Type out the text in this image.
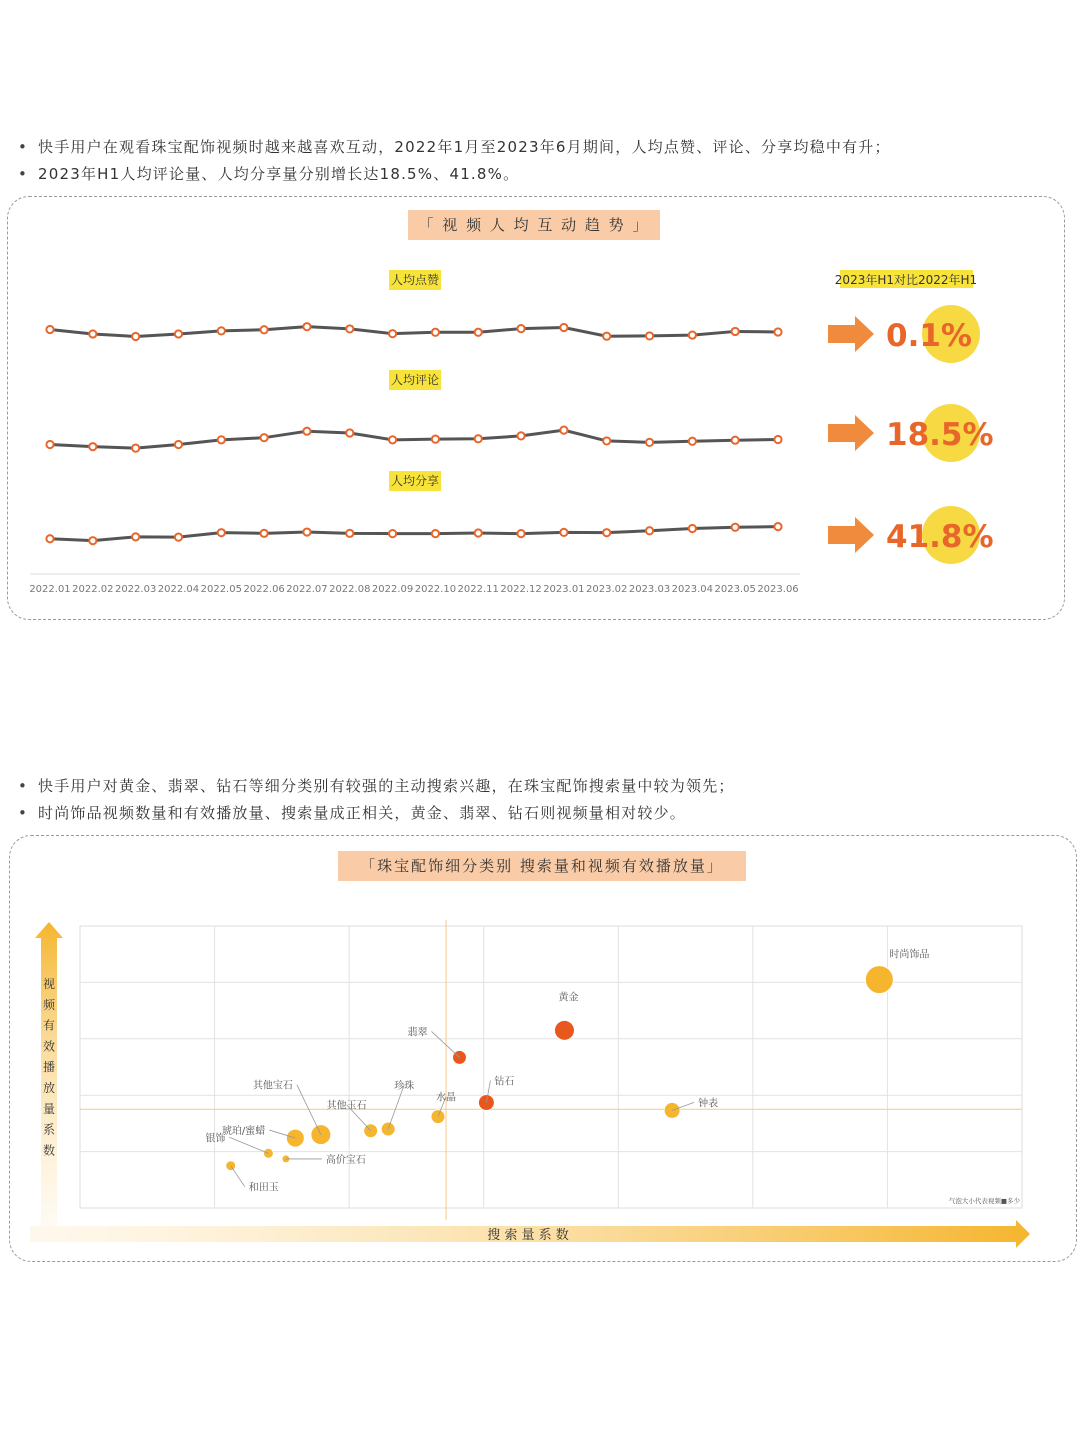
• 快手用户在观看珠宝配饰视频时越来越喜欢互动，2022年1月至2023年6月期间，人均点赞、评论、分享均稳中有升；
• 2023年H1人均评论量、人均分享量分别增长达18.5%、41.8%。
「 视 频 人 均 互 动 趋 势 」
人均点赞
0.1%
人均评论
18.5%
人均分享
41.8%
2022.01 2022.02 2022.03 2022.04 2022.05 2022.06 2022.07 2022.08 2022.09 2022.10 2022.11 2022.12 2023.01 2023.02 2023.03 2023.04 2023.05 2023.06
2023年H1对比2022年H1
• 快手用户对黄金、翡翠、钻石等细分类别有较强的主动搜索兴趣，在珠宝配饰搜索量中较为领先；
• 时尚饰品视频数量和有效播放量、搜索量成正相关，黄金、翡翠、钻石则视频量相对较少。
「珠宝配饰细分类别 搜索量和视频有效播放量」
搜 索 量 系 数
视
频
有
效
播
放
量
系
数
时尚饰品
黄金
翡翠
钻石
钟表
水晶
珍珠
其他玉石
其他宝石
琥珀/蜜蜡
高价宝石
银饰
和田玉
气泡大小代表视频■多少
